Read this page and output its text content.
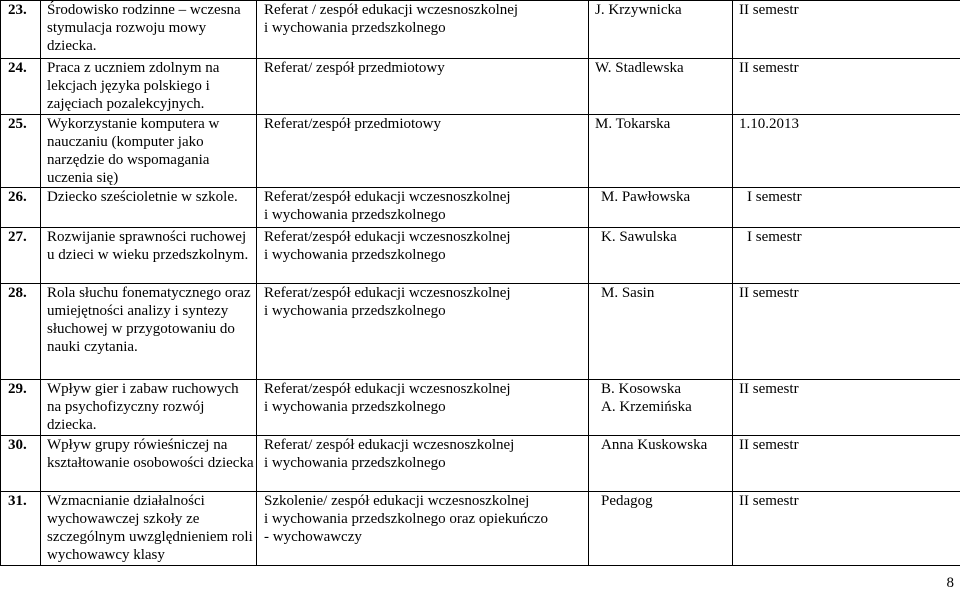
23.	Środowisko rodzinne – wczesna stymulacja rozwoju mowy dziecka.	Referat / zespół edukacji wczesnoszkolnej
i wychowania przedszkolnego	J. Krzywnicka	II semestr
24.	Praca z uczniem zdolnym na lekcjach języka polskiego i zajęciach pozalekcyjnych.	Referat/ zespół przedmiotowy	W. Stadlewska	II semestr
25.	Wykorzystanie komputera w nauczaniu (komputer jako narzędzie do wspomagania uczenia się)	Referat/zespół przedmiotowy	M. Tokarska	1.10.2013
26.	Dziecko sześcioletnie w szkole.	Referat/zespół edukacji wczesnoszkolnej
i wychowania przedszkolnego	M. Pawłowska	I semestr
27.	Rozwijanie sprawności ruchowej u dzieci w wieku przedszkolnym.	Referat/zespół edukacji wczesnoszkolnej
i wychowania przedszkolnego	K. Sawulska	I semestr
28.	Rola słuchu fonematycznego oraz umiejętności analizy i syntezy słuchowej w przygotowaniu do nauki czytania.	Referat/zespół edukacji wczesnoszkolnej
i wychowania przedszkolnego	M. Sasin	II semestr
29.	Wpływ gier i zabaw ruchowych na psychofizyczny rozwój dziecka.	Referat/zespół edukacji wczesnoszkolnej
i wychowania przedszkolnego	B. Kosowska
A. Krzemińska	II semestr
30.	Wpływ grupy rówieśniczej na kształtowanie osobowości dziecka	Referat/ zespół edukacji wczesnoszkolnej
i wychowania przedszkolnego	Anna Kuskowska	II semestr
31.	Wzmacnianie działalności wychowawczej szkoły ze szczególnym uwzględnieniem roli wychowawcy klasy	Szkolenie/ zespół edukacji wczesnoszkolnej
i wychowania przedszkolnego oraz opiekuńczo
- wychowawczy	Pedagog	II semestr
8
